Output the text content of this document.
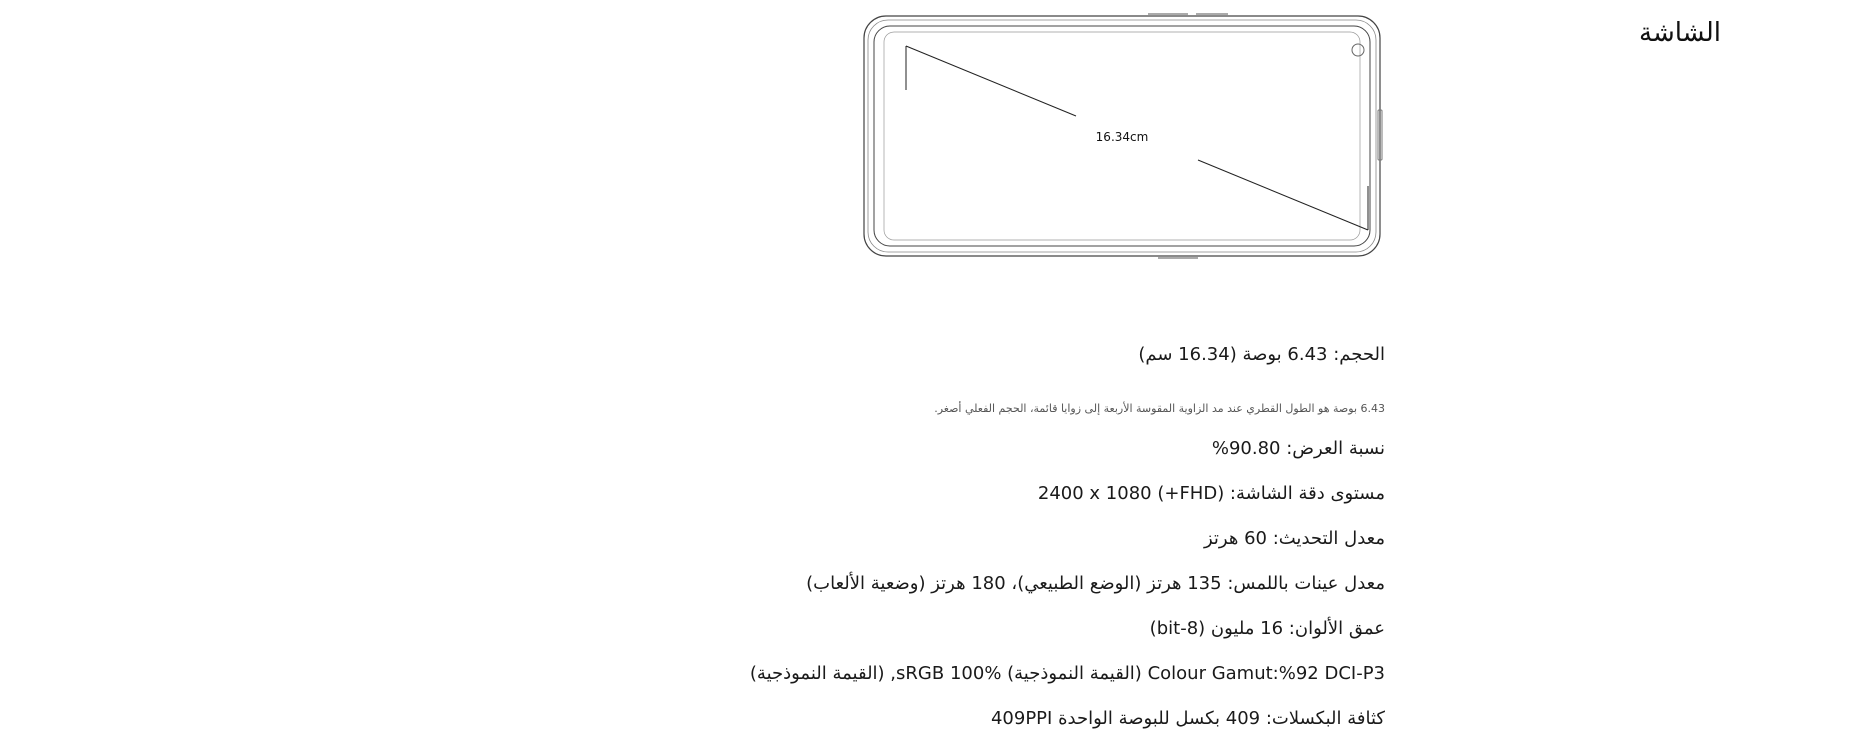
الشاشة
16.34cm

الحجم: 6.43 بوصة (16.34 سم)

6.43 بوصة هو الطول القطري عند مد الزاوية المقوسة الأربعة إلى زوايا قائمة، الحجم الفعلي أصغر.

نسبة العرض: 90.80%

مستوى دقة الشاشة: (FHD+) 2400 x 1080

معدل التحديث: 60 هرتز

معدل عينات باللمس: 135 هرتز (الوضع الطبيعي)، 180 هرتز (وضعية الألعاب)

عمق الألوان: 16 مليون (8-bit)

Colour Gamut:%92 DCI-P3 (القيمة النموذجية) %100 sRGB, (القيمة النموذجية)

كثافة البكسلات: 409 بكسل للبوصة الواحدة 409PPI
